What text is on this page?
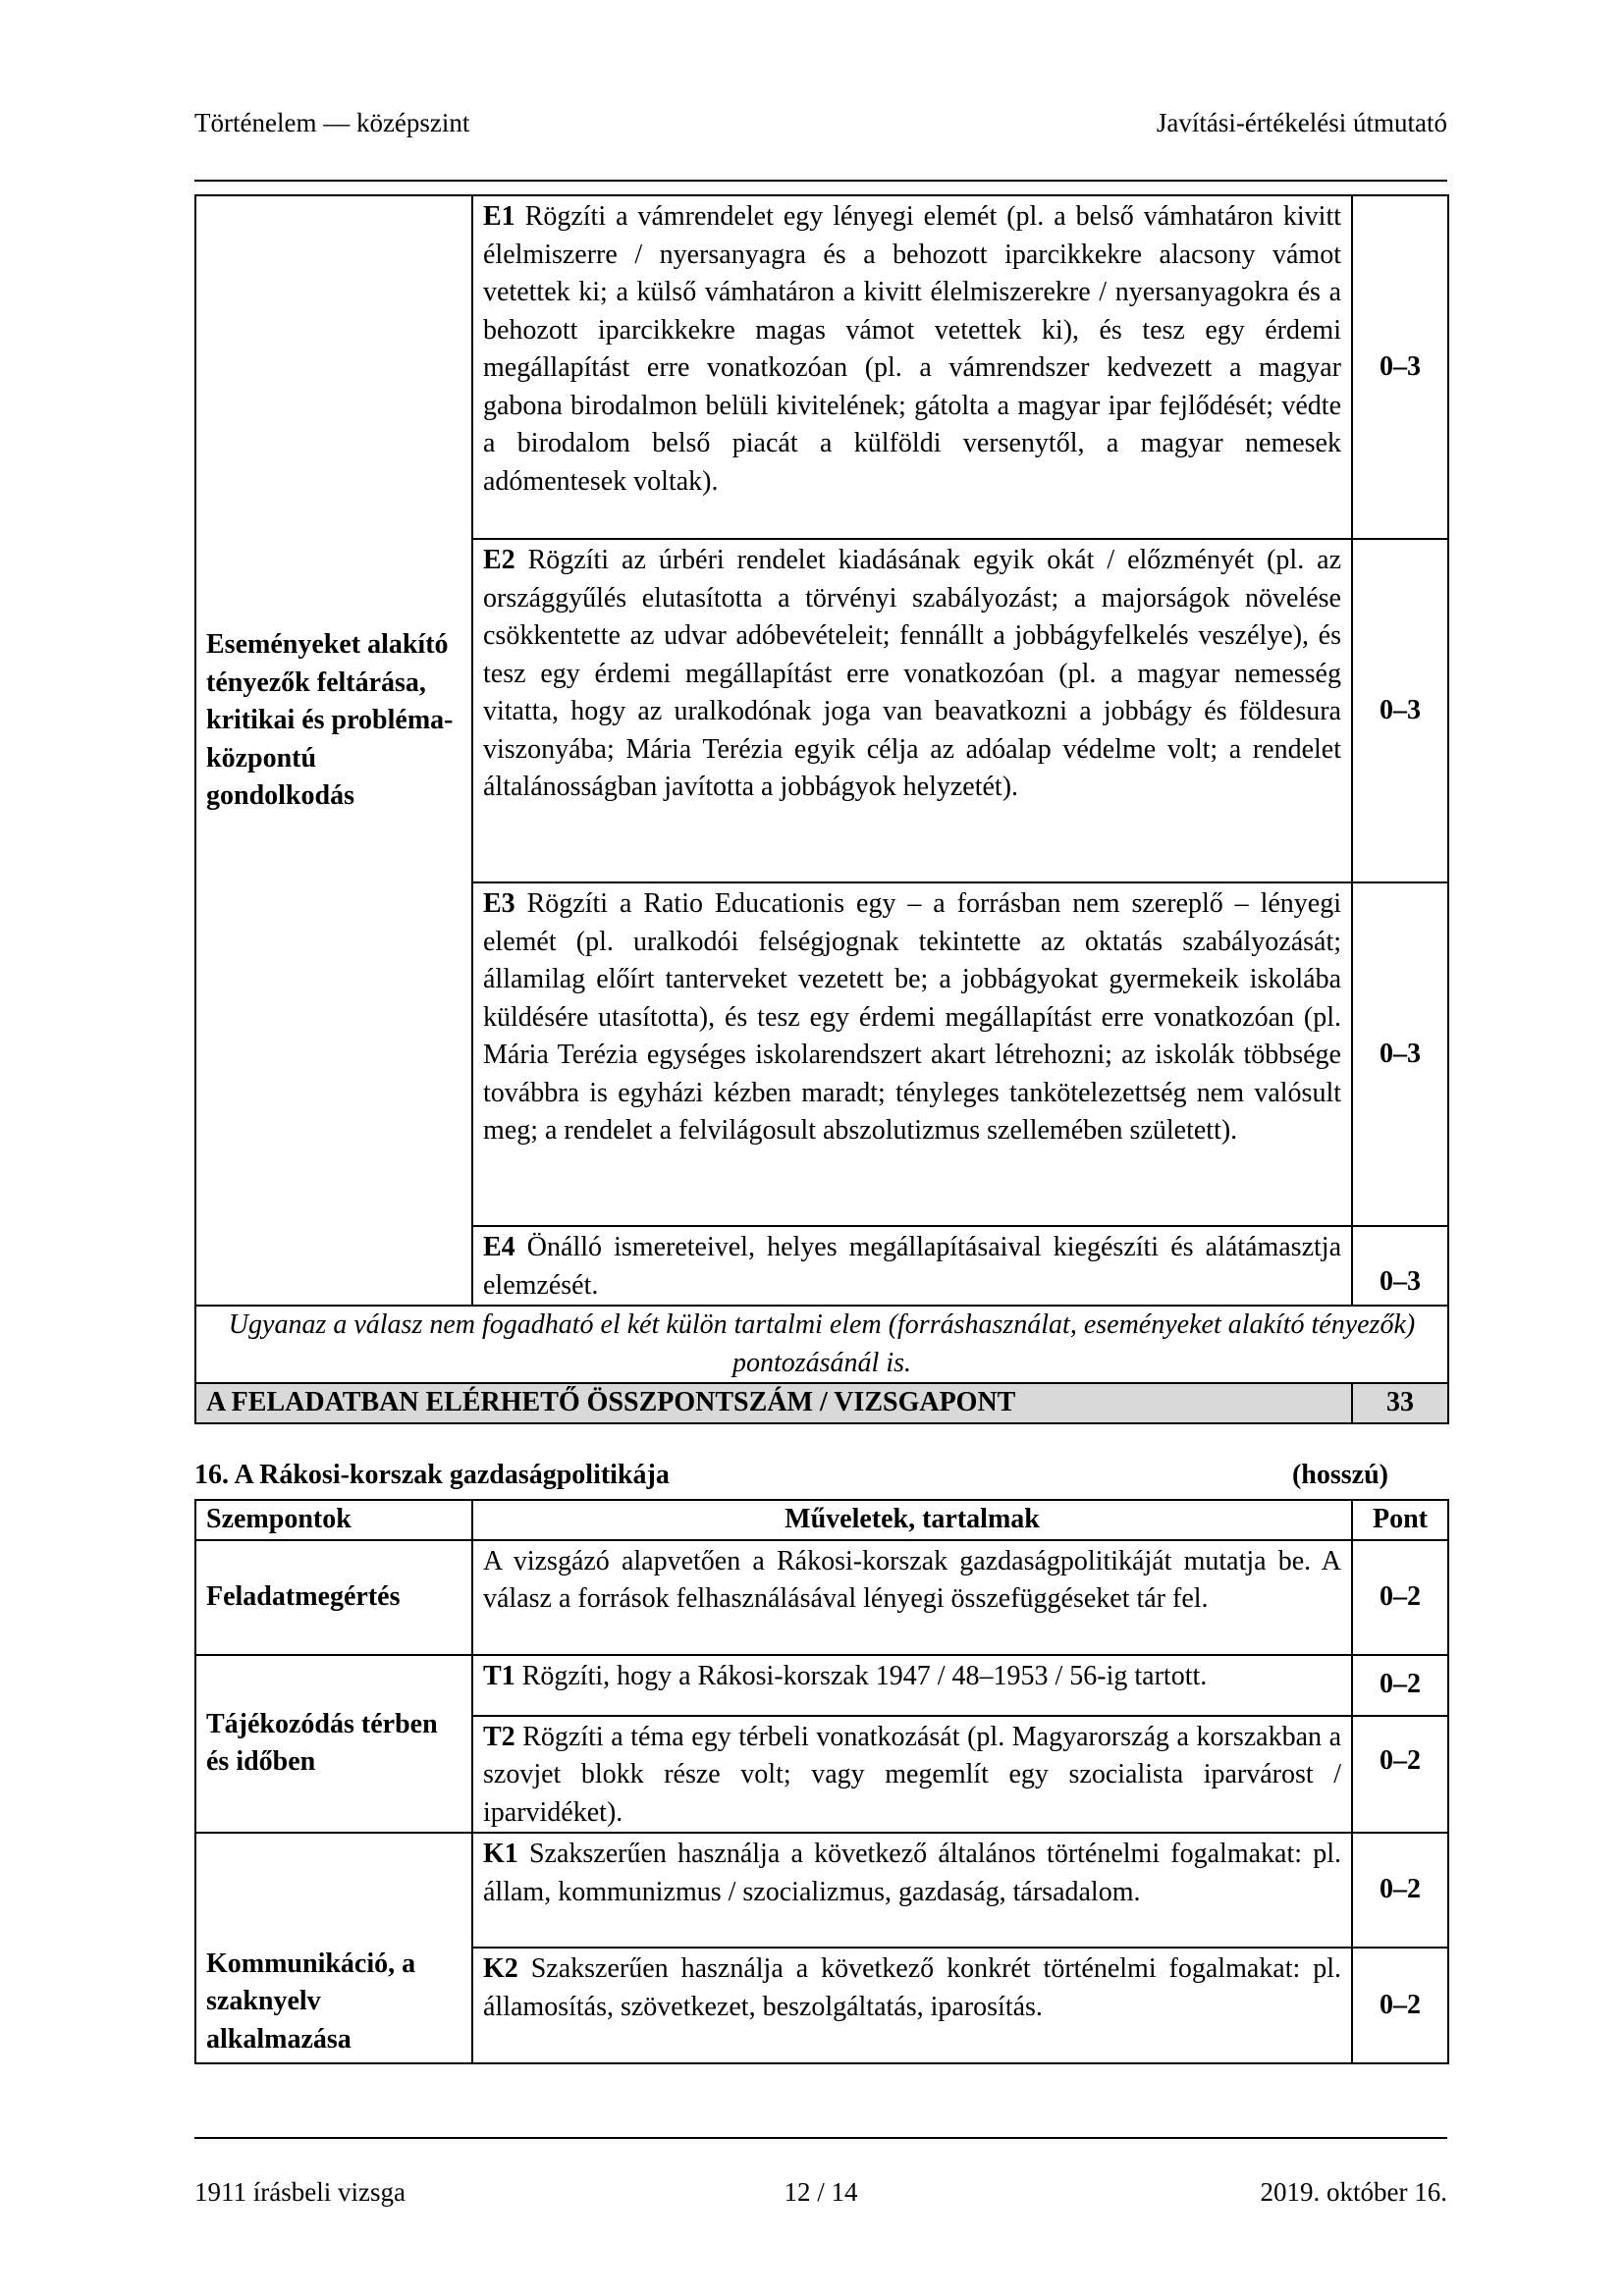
Történelem — középszint	Javítási-értékelési útmutató
Eseményeket alakító tényezők feltárása, kritikai és probléma-központú gondolkodás	E1 Rögzíti a vámrendelet egy lényegi elemét (pl. a belső vámhatáron kivitt élelmiszerre / nyersanyagra és a behozott iparcikkekre alacsony vámot vetettek ki; a külső vámhatáron a kivitt élelmiszerekre / nyersanyagokra és a behozott iparcikkekre magas vámot vetettek ki), és tesz egy érdemi megállapítást erre vonatkozóan (pl. a vámrendszer kedvezett a magyar gabona birodalmon belüli kivitelének; gátolta a magyar ipar fejlődését; védte a birodalom belső piacát a külföldi versenytől, a magyar nemesek adómentesek voltak).	0–3
	E2 Rögzíti az úrbéri rendelet kiadásának egyik okát / előzményét (pl. az országgyűlés elutasította a törvényi szabályozást; a majorságok növelése csökkentette az udvar adóbevételeit; fennállt a jobbágyfelkelés veszélye), és tesz egy érdemi megállapítást erre vonatkozóan (pl. a magyar nemesség vitatta, hogy az uralkodónak joga van beavatkozni a jobbágy és földesura viszonyába; Mária Terézia egyik célja az adóalap védelme volt; a rendelet általánosságban javította a jobbágyok helyzetét).	0–3
	E3 Rögzíti a Ratio Educationis egy – a forrásban nem szereplő – lényegi elemét (pl. uralkodói felségjognak tekintette az oktatás szabályozását; államilag előírt tanterveket vezetett be; a jobbágyokat gyermekeik iskolába küldésére utasította), és tesz egy érdemi megállapítást erre vonatkozóan (pl. Mária Terézia egységes iskolarendszert akart létrehozni; az iskolák többsége továbbra is egyházi kézben maradt; tényleges tankötelezettség nem valósult meg; a rendelet a felvilágosult abszolutizmus szellemében született).	0–3
	E4 Önálló ismereteivel, helyes megállapításaival kiegészíti és alátámasztja elemzését.	0–3
Ugyanaz a válasz nem fogadható el két külön tartalmi elem (forráshasználat, eseményeket alakító tényezők) pontozásánál is.		
A FELADATBAN ELÉRHETŐ ÖSSZPONTSZÁM / VIZSGAPONT		33
16. A Rákosi-korszak gazdaságpolitikája	(hosszú)
Szempontok	Műveletek, tartalmak	Pont
Feladatmegértés	A vizsgázó alapvetően a Rákosi-korszak gazdaságpolitikáját mutatja be. A válasz a források felhasználásával lényegi összefüggéseket tár fel.	0–2
Tájékozódás térben és időben	T1 Rögzíti, hogy a Rákosi-korszak 1947 / 48–1953 / 56-ig tartott.	0–2
	T2 Rögzíti a téma egy térbeli vonatkozását (pl. Magyarország a korszakban a szovjet blokk része volt; vagy megemlít egy szocialista iparvárost / iparvidéket).	0–2
Kommunikáció, a szaknyelv alkalmazása	K1 Szakszerűen használja a következő általános történelmi fogalmakat: pl. állam, kommunizmus / szocializmus, gazdaság, társadalom.	0–2
	K2 Szakszerűen használja a következő konkrét történelmi fogalmakat: pl. államosítás, szövetkezet, beszolgáltatás, iparosítás.	0–2
1911 írásbeli vizsga	12 / 14	2019. október 16.
